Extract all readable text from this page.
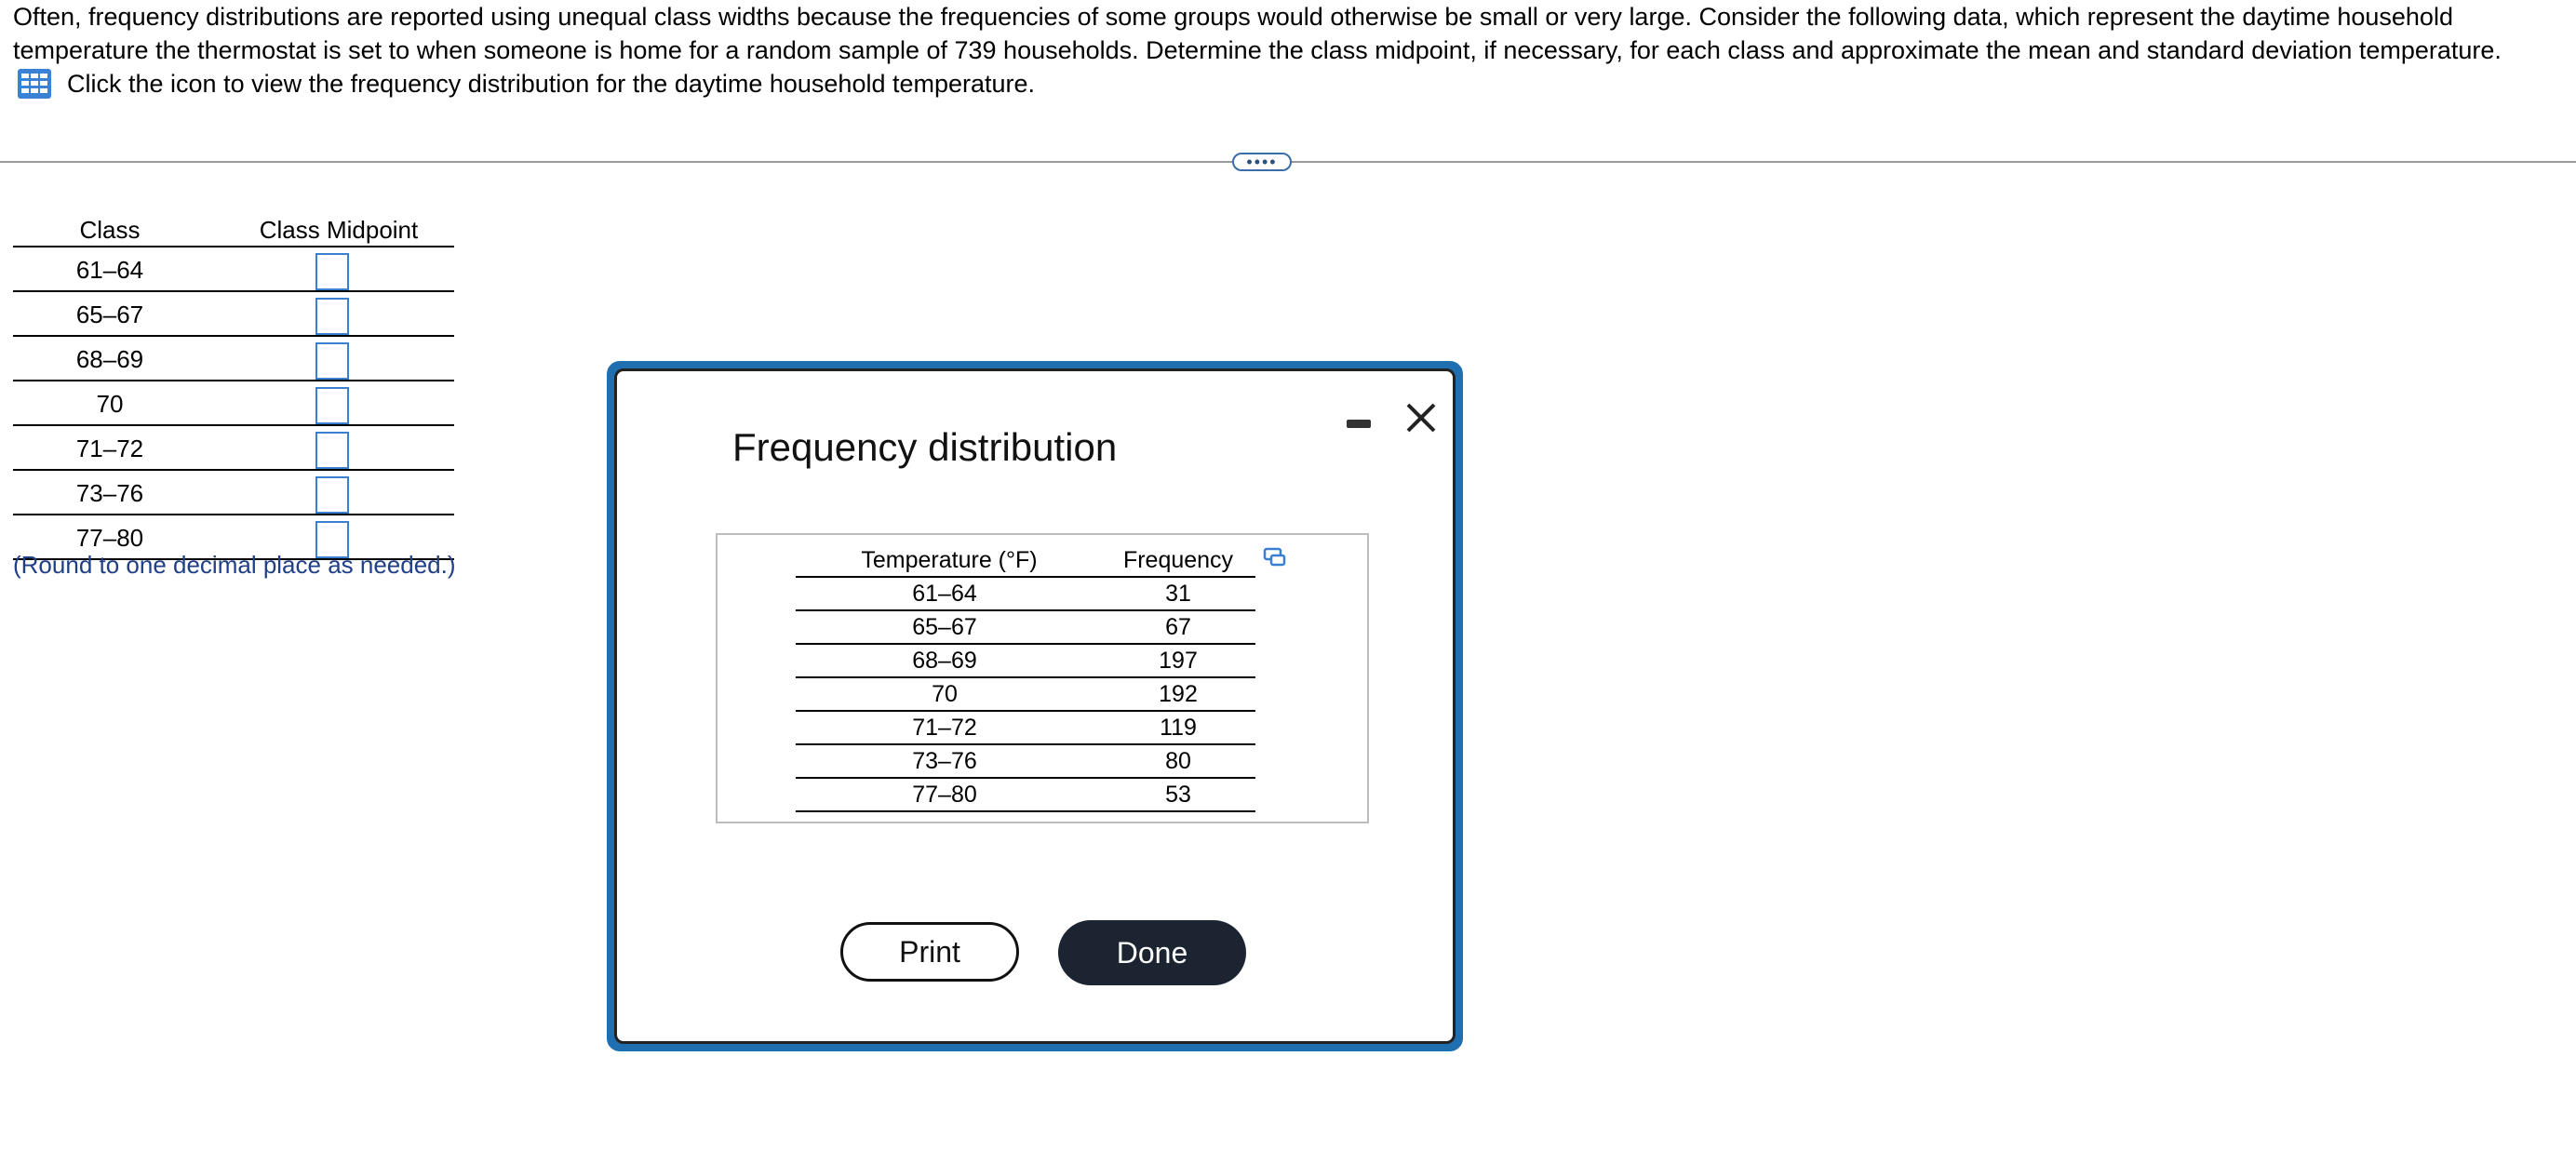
Often, frequency distributions are reported using unequal class widths because the frequencies of some groups would otherwise be small or very large. Consider the following data, which represent the daytime household temperature the thermostat is set to when someone is home for a random sample of 739 households. Determine the class midpoint, if necessary, for each class and approximate the mean and standard deviation temperature.
Click the icon to view the frequency distribution for the daytime household temperature.
••••
Class	Class Midpoint
61–64
65–67
68–69
70
71–72
73–76
77–80
(Round to one decimal place as needed.)
Frequency distribution
Temperature (°F)	Frequency
61–64	31
65–67	67
68–69	197
70	192
71–72	119
73–76	80
77–80	53
Print	Done
